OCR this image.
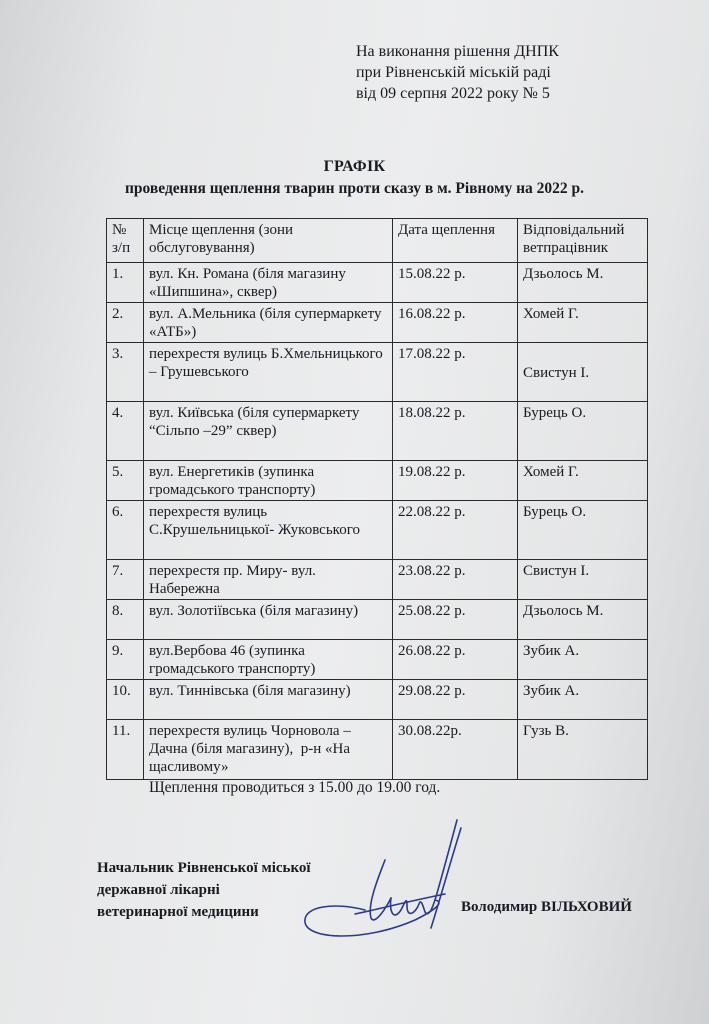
На виконання рішення ДНПК
при Рівненській міській раді
від 09 серпня 2022 року № 5
ГРАФІК
проведення щеплення тварин проти сказу в м. Рівному на 2022 р.
№ з/п	Місце щеплення (зони обслуговування)	Дата щеплення	Відповідальний ветпрацівник
1.	вул. Кн. Романа (біля магазину «Шипшина», сквер)	15.08.22 р.	Дзьолось М.
2.	вул. А.Мельника (біля супермаркету «АТБ»)	16.08.22 р.	Хомей Г.
3.	перехрестя вулиць Б.Хмельницького – Грушевського	17.08.22 р.	Свистун І.
4.	вул. Київська (біля супермаркету “Сільпо –29” сквер)	18.08.22 р.	Бурець О.
5.	вул. Енергетиків (зупинка громадського транспорту)	19.08.22 р.	Хомей Г.
6.	перехрестя вулиць С.Крушельницької- Жуковського	22.08.22 р.	Бурець О.
7.	перехрестя пр. Миру- вул. Набережна	23.08.22 р.	Свистун І.
8.	вул. Золотіївська (біля магазину)	25.08.22 р.	Дзьолось М.
9.	вул.Вербова 46 (зупинка громадського транспорту)	26.08.22 р.	Зубик А.
10.	вул. Тиннівська (біля магазину)	29.08.22 р.	Зубик А.
11.	перехрестя вулиць Чорновола – Дачна (біля магазину),  р-н «На щасливому»	30.08.22р.	Гузь В.
Щеплення проводиться з 15.00 до 19.00 год.
Начальник Рівненської міської
державної лікарні
ветеринарної медицини	Володимир ВІЛЬХОВИЙ
